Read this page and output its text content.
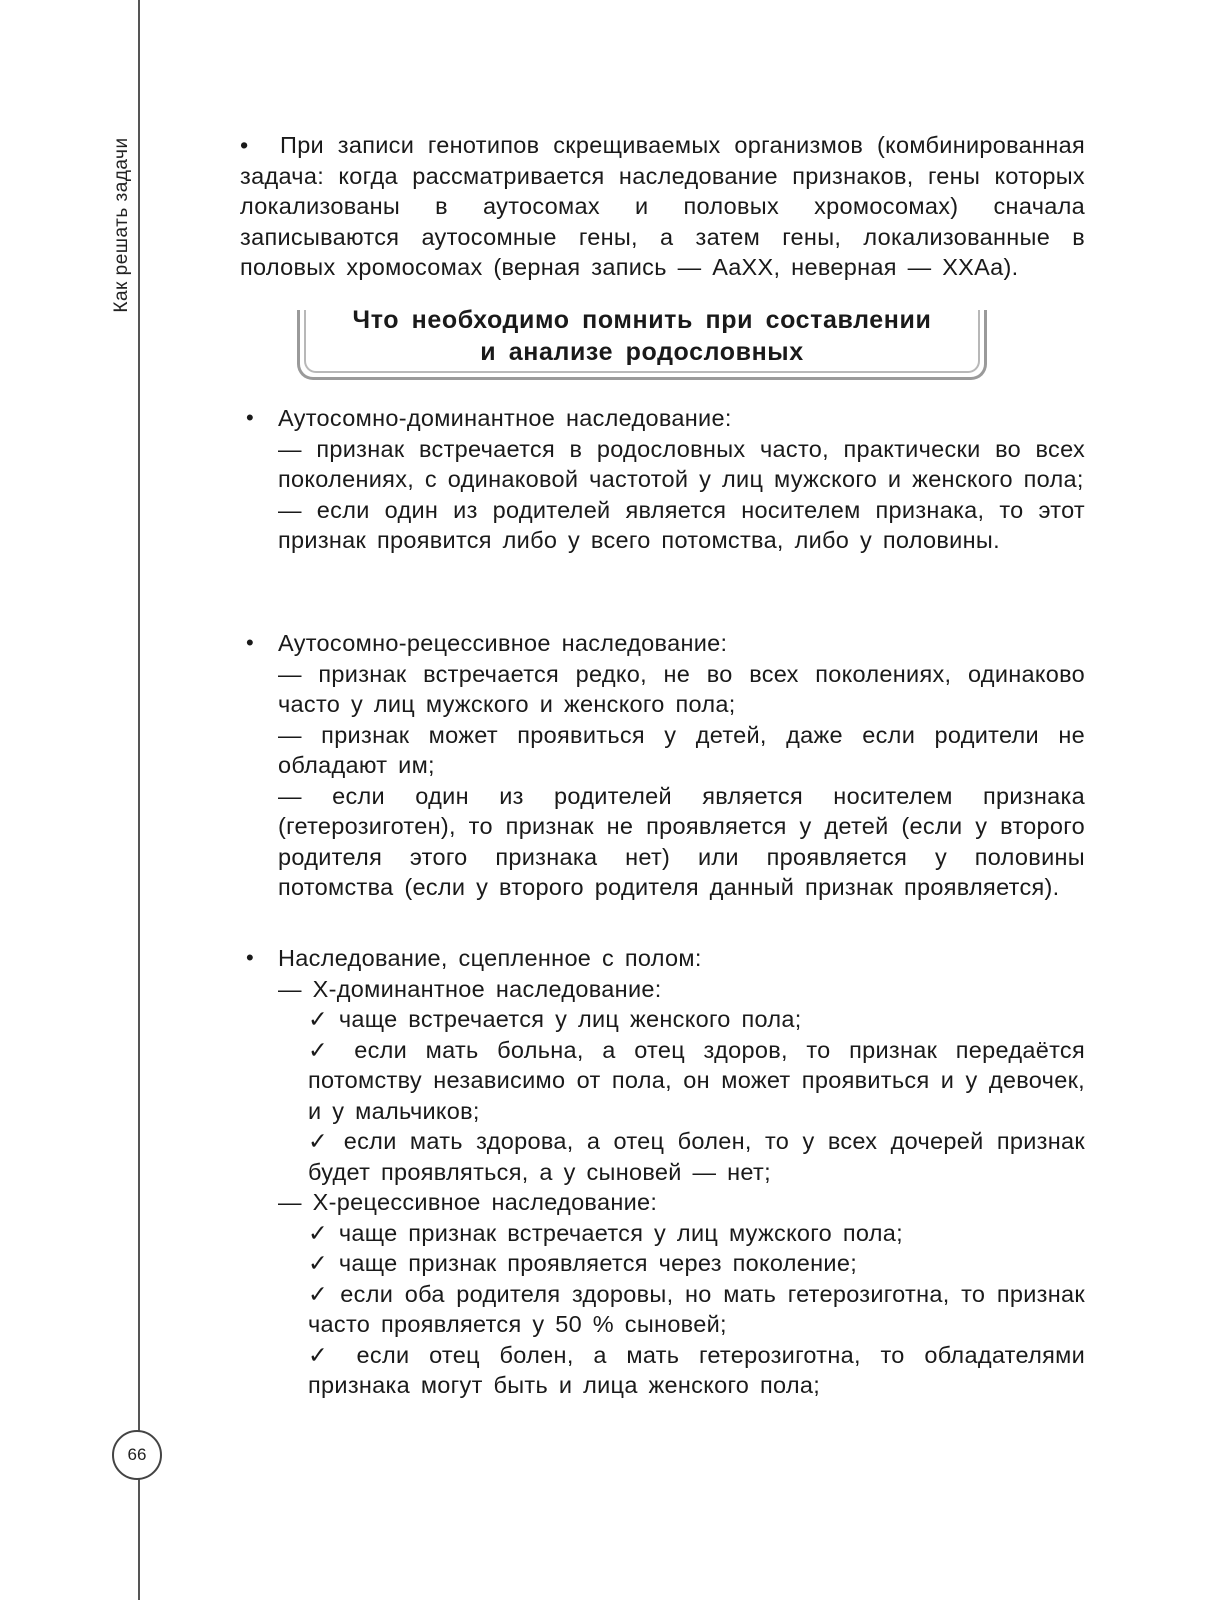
Как решать задачи
66
• При записи генотипов скрещиваемых организмов (комбинированная задача: когда рассматривается наследование признаков, гены которых локализованы в аутосомах и половых хромосомах) сначала записываются аутосомные гены, а затем гены, локализованные в половых хромосомах (верная запись — AaXX, неверная — XXAa).
Что необходимо помнить при составлении
и анализе родословных
• Аутосомно-доминантное наследование:

— признак встречается в родословных часто, практически во всех поколениях, с одинаковой частотой у лиц мужского и женского пола;

— если один из родителей является носителем признака, то этот признак проявится либо у всего потомства, либо у половины.

• Аутосомно-рецессивное наследование:

— признак встречается редко, не во всех поколениях, одинаково часто у лиц мужского и женского пола;

— признак может проявиться у детей, даже если родители не обладают им;

— если один из родителей является носителем признака (гетерозиготен), то признак не проявляется у детей (если у второго родителя этого признака нет) или проявляется у половины потомства (если у второго родителя данный признак проявляется).

• Наследование, сцепленное с полом:

— X-доминантное наследование:

✓ чаще встречается у лиц женского пола;

✓ если мать больна, а отец здоров, то признак передаётся потомству независимо от пола, он может проявиться и у девочек, и у мальчиков;

✓ если мать здорова, а отец болен, то у всех дочерей признак будет проявляться, а у сыновей — нет;

— X-рецессивное наследование:

✓ чаще признак встречается у лиц мужского пола;

✓ чаще признак проявляется через поколение;

✓ если оба родителя здоровы, но мать гетерозиготна, то признак часто проявляется у 50 % сыновей;

✓ если отец болен, а мать гетерозиготна, то обладателями признака могут быть и лица женского пола;
